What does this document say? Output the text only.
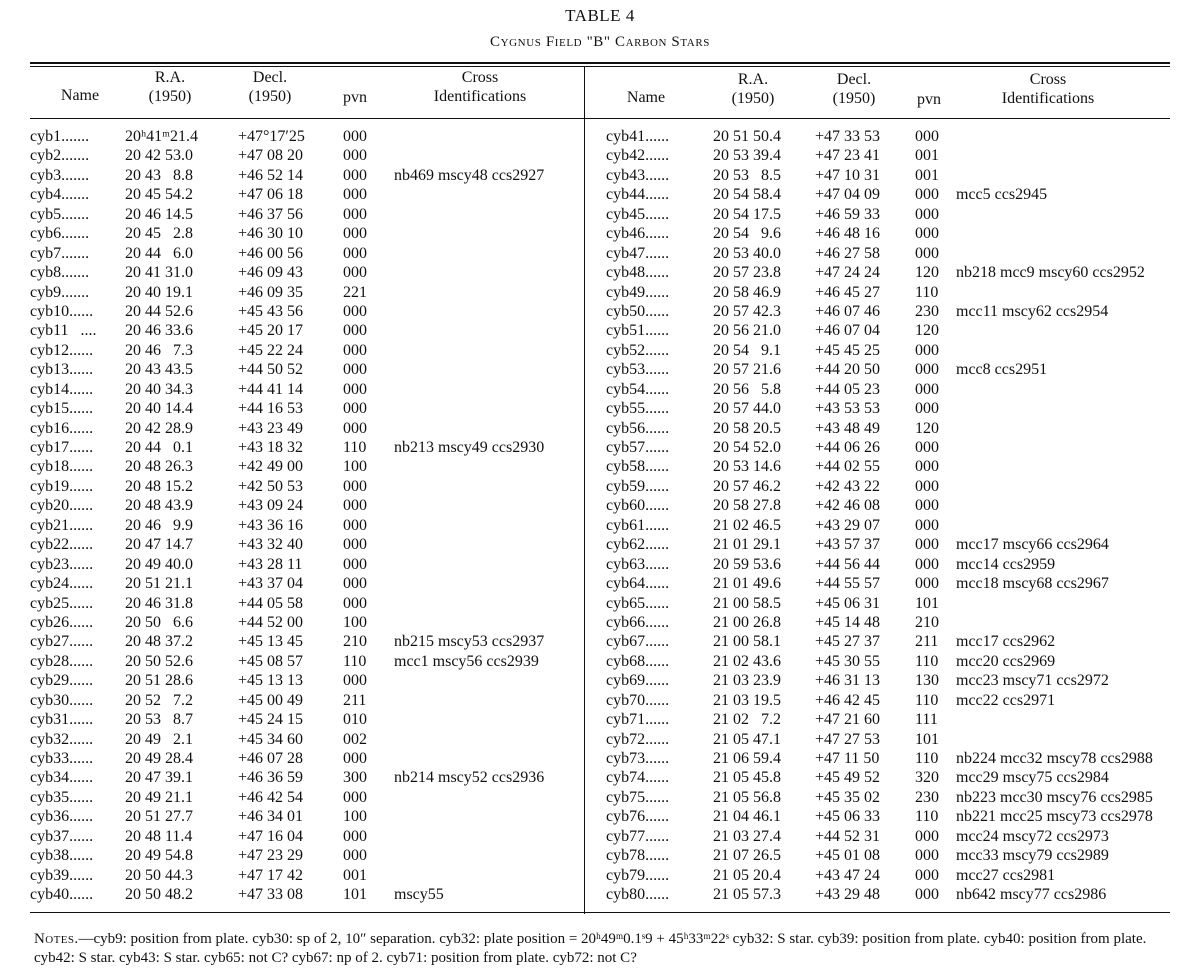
TABLE 4
Cygnus Field "B" Carbon Stars
Name
R.A.
(1950)
Decl.
(1950)	pvn
Cross
Identifications
cyb1....... 20ʰ41ᵐ21.4	+47°17′25 000
cyb2....... 20 42 53.0	+47 08 20 000
cyb3....... 20 43   8.8	+46 52 14 000 nb469 mscy48 ccs2927
cyb4....... 20 45 54.2	+47 06 18 000
cyb5....... 20 46 14.5	+46 37 56 000
cyb6....... 20 45   2.8	+46 30 10 000
cyb7....... 20 44   6.0	+46 00 56 000
cyb8....... 20 41 31.0	+46 09 43 000
cyb9....... 20 40 19.1	+46 09 35 221
cyb10...... 20 44 52.6	+45 43 56 000
cyb11   .... 20 46 33.6	+45 20 17 000
cyb12...... 20 46   7.3	+45 22 24 000
cyb13...... 20 43 43.5	+44 50 52 000
cyb14...... 20 40 34.3	+44 41 14 000
cyb15...... 20 40 14.4	+44 16 53 000
cyb16...... 20 42 28.9	+43 23 49 000
cyb17...... 20 44   0.1	+43 18 32 110 nb213 mscy49 ccs2930
cyb18...... 20 48 26.3	+42 49 00 100
cyb19...... 20 48 15.2	+42 50 53 000
cyb20...... 20 48 43.9	+43 09 24 000
cyb21...... 20 46   9.9	+43 36 16 000
cyb22...... 20 47 14.7	+43 32 40 000
cyb23...... 20 49 40.0	+43 28 11	000
cyb24...... 20 51 21.1	+43 37 04 000
cyb25...... 20 46 31.8	+44 05 58 000
cyb26...... 20 50   6.6	+44 52 00 100
cyb27...... 20 48 37.2	+45 13 45 210 nb215 mscy53 ccs2937
cyb28...... 20 50 52.6	+45 08 57 110 mcc1 mscy56 ccs2939
cyb29...... 20 51 28.6	+45 13 13 000
cyb30...... 20 52   7.2	+45 00 49 211
cyb31...... 20 53   8.7	+45 24 15 010
cyb32...... 20 49   2.1	+45 34 60 002
cyb33...... 20 49 28.4	+46 07 28 000
cyb34...... 20 47 39.1	+46 36 59 300 nb214 mscy52 ccs2936
cyb35...... 20 49 21.1	+46 42 54 000
cyb36...... 20 51 27.7	+46 34 01 100
cyb37...... 20 48 11.4	+47 16 04 000
cyb38...... 20 49 54.8	+47 23 29 000
cyb39...... 20 50 44.3	+47 17 42 001
cyb40...... 20 50 48.2	+47 33 08 101 mscy55
Name
R.A.
(1950)
Decl.
(1950)	pvn
Cross
Identifications
cyb41......	20 51 50.4 +47 33 53 000
cyb42......	20 53 39.4 +47 23 41 001
cyb43......	20 53   8.5 +47 10 31 001
cyb44......	20 54 58.4 +47 04 09 000 mcc5 ccs2945
cyb45......	20 54 17.5 +46 59 33 000
cyb46......	20 54   9.6 +46 48 16 000
cyb47......	20 53 40.0 +46 27 58 000
cyb48......	20 57 23.8 +47 24 24 120 nb218 mcc9 mscy60 ccs2952
cyb49......	20 58 46.9 +46 45 27 110
cyb50......	20 57 42.3 +46 07 46 230 mcc11 mscy62 ccs2954
cyb51......	20 56 21.0 +46 07 04 120
cyb52......	20 54   9.1 +45 45 25 000
cyb53......	20 57 21.6 +44 20 50 000 mcc8 ccs2951
cyb54......	20 56   5.8 +44 05 23 000
cyb55......	20 57 44.0 +43 53 53 000
cyb56......	20 58 20.5 +43 48 49 120
cyb57......	20 54 52.0 +44 06 26 000
cyb58......	20 53 14.6 +44 02 55 000
cyb59......	20 57 46.2 +42 43 22 000
cyb60......	20 58 27.8 +42 46 08 000
cyb61......	21 02 46.5 +43 29 07 000
cyb62......	21 01 29.1 +43 57 37 000 mcc17 mscy66 ccs2964
cyb63......	20 59 53.6 +44 56 44 000 mcc14 ccs2959
cyb64......	21 01 49.6 +44 55 57 000 mcc18 mscy68 ccs2967
cyb65......	21 00 58.5 +45 06 31 101
cyb66......	21 00 26.8 +45 14 48 210
cyb67......	21 00 58.1 +45 27 37 211 mcc17 ccs2962
cyb68......	21 02 43.6 +45 30 55 110 mcc20 ccs2969
cyb69......	21 03 23.9 +46 31 13 130 mcc23 mscy71 ccs2972
cyb70......	21 03 19.5 +46 42 45 110 mcc22 ccs2971
cyb71......	21 02   7.2 +47 21 60 111
cyb72......	21 05 47.1 +47 27 53 101
cyb73......	21 06 59.4 +47 11 50 110 nb224 mcc32 mscy78 ccs2988
cyb74......	21 05 45.8 +45 49 52 320 mcc29 mscy75 ccs2984
cyb75......	21 05 56.8 +45 35 02 230 nb223 mcc30 mscy76 ccs2985
cyb76......	21 04 46.1 +45 06 33 110 nb221 mcc25 mscy73 ccs2978
cyb77......	21 03 27.4 +44 52 31 000 mcc24 mscy72 ccs2973
cyb78......	21 07 26.5 +45 01 08 000 mcc33 mscy79 ccs2989
cyb79......	21 05 20.4 +43 47 24 000 mcc27 ccs2981
cyb80......	21 05 57.3 +43 29 48 000 nb642 mscy77 ccs2986
Notes.—cyb9: position from plate. cyb30: sp of 2, 10″ separation. cyb32: plate position = 20ʰ49ᵐ0.1ˢ9 + 45ʰ33ᵐ22ˢ cyb32: S star. cyb39: position from plate. cyb40: position from plate. cyb42: S star. cyb43: S star. cyb65: not C? cyb67: np of 2. cyb71: position from plate. cyb72: not C?
